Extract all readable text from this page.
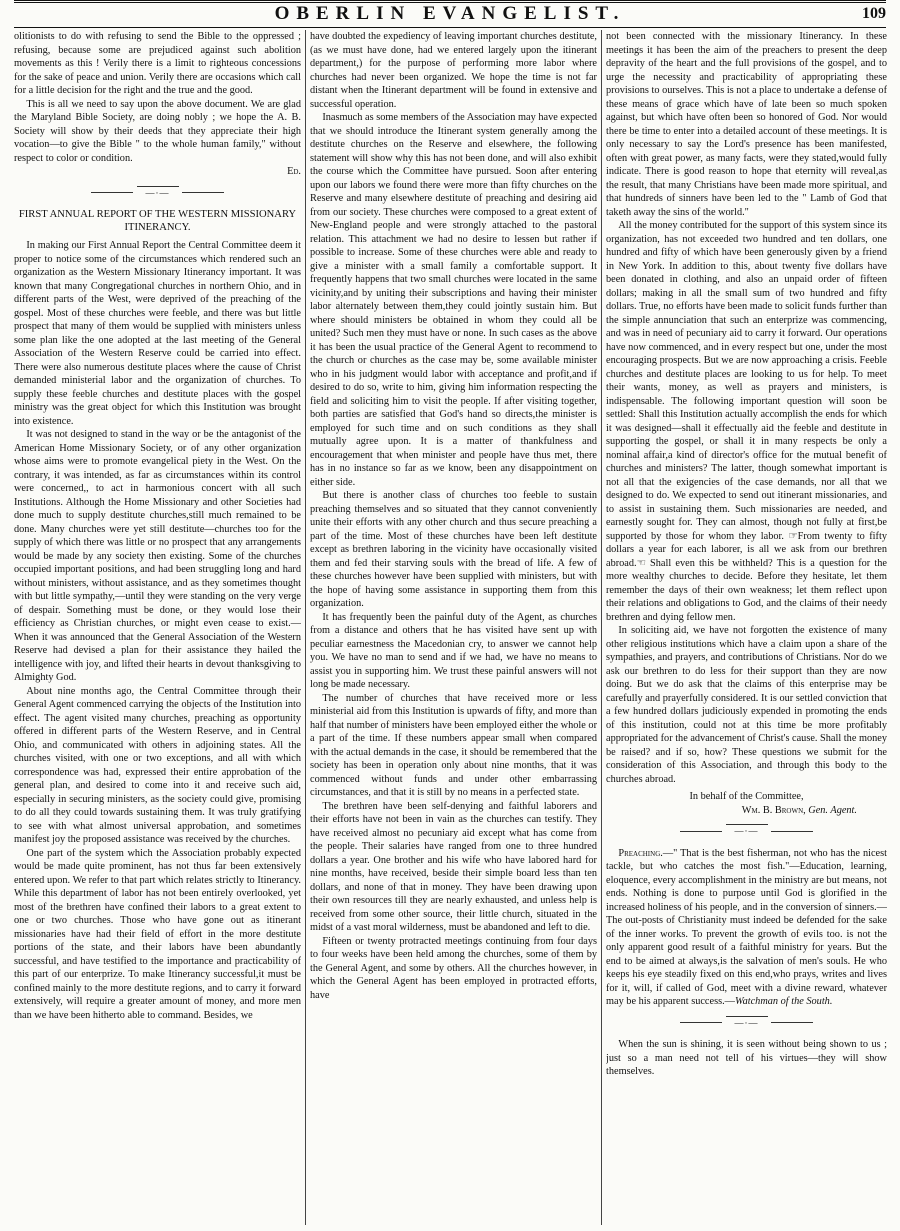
OBERLIN EVANGELIST.	109

olitionists to do with refusing to send the Bible to the oppressed ; refusing, because some are prejudiced against such abolition movements as this ! Verily there is a limit to righteous concessions for the sake of peace and union. Verily there are occasions which call for a little decision for the right and the true and the good.

This is all we need to say upon the above document. We are glad the Maryland Bible Society, are doing nobly ; we hope the A. B. Society will show by their deeds that they appreciate their high vocation—to give the Bible " to the whole human family," without respect to color or condition.

Ed.

—·—
FIRST ANNUAL REPORT OF THE WESTERN MISSIONARY ITINERANCY.

In making our First Annual Report the Central Committee deem it proper to notice some of the circumstances which rendered such an organization as the Western Missionary Itinerancy important. It was known that many Congregational churches in northern Ohio, and in different parts of the West, were deprived of the preaching of the gospel. Most of these churches were feeble, and there was but little prospect that many of them would be supplied with ministers unless some plan like the one adopted at the last meeting of the General Association of the Western Reserve could be carried into effect. There were also numerous destitute places where the cause of Christ demanded ministerial labor and the organization of churches. To supply these feeble churches and destitute places with the gospel ministry was the great object for which this Institution was brought into existence.

It was not designed to stand in the way or be the antagonist of the American Home Missionary Society, or of any other organization whose aims were to promote evangelical piety in the West. On the contrary, it was intended, as far as circumstances within its control were concerned,, to act in harmonious concert with all such Institutions. Although the Home Missionary and other Societies had done much to supply destitute churches,still much remained to be done. Many churches were yet still destitute—churches too for the supply of which there was little or no prospect that any arrangements would be made by any society then existing. Some of the churches occupied important positions, and had been struggling long and hard without ministers, without assistance, and as they sometimes thought with but little sympathy,—until they were standing on the very verge of despair. Something must be done, or they would lose their efficiency as Christian churches, or might even cease to exist.—When it was announced that the General Association of the Western Reserve had devised a plan for their assistance they hailed the intelligence with joy, and lifted their hearts in devout thanksgiving to Almighty God.

About nine months ago, the Central Committee through their General Agent commenced carrying the objects of the Institution into effect. The agent visited many churches, preaching as opportunity offered in different parts of the Western Reserve, and in Central Ohio, and communicated with others in adjoining states. All the churches visited, with one or two exceptions, and all with which correspondence was had, expressed their entire approbation of the general plan, and desired to come into it and receive such aid, especially in securing ministers, as the society could give, promising to do all they could towards sustaining them. It was truly gratifying to see with what almost universal approbation, and sometimes manifest joy the proposed assistance was received by the churches.

One part of the system which the Association probably expected would be made quite prominent, has not thus far been extensively entered upon. We refer to that part which relates strictly to Itinerancy. While this department of labor has not been entirely overlooked, yet most of the brethren have confined their labors to a great extent to one or two churches. Those who have gone out as itinerant missionaries have had their field of effort in the more destitute portions of the state, and their labors have been abundantly successful, and have testified to the importance and practicability of this part of our enterprize. To make Itinerancy successful,it must be confined mainly to the more destitute regions, and to carry it forward extensively, will require a greater amount of money, and more men than we have been hitherto able to command. Besides, we

have doubted the expediency of leaving important churches destitute, (as we must have done, had we entered largely upon the itinerant department,) for the purpose of performing more labor where churches had never been organized. We hope the time is not far distant when the Itinerant department will be found in extensive and successful operation.

Inasmuch as some members of the Association may have expected that we should introduce the Itinerant system generally among the destitute churches on the Reserve and elsewhere, the following statement will show why this has not been done, and will also exhibit the course which the Committee have pursued. Soon after entering upon our labors we found there were more than fifty churches on the Reserve and many elsewhere destitute of preaching and desiring aid from our society. These churches were composed to a great extent of New-England people and were strongly attached to the pastoral relation. This attachment we had no desire to lessen but rather if possible to increase. Some of these churches were able and ready to give a minister with a small family a comfortable support. It frequently happens that two small churches were located in the same vicinity,and by uniting their subscriptions and having their minister labor alternately between them,they could jointly sustain him. But where should ministers be obtained in whom they could all be united? Such men they must have or none. In such cases as the above it has been the usual practice of the General Agent to recommend to the church or churches as the case may be, some available minister who in his judgment would labor with acceptance and profit,and if desired to do so, write to him, giving him information respecting the field and soliciting him to visit the people. If after visiting together, both parties are satisfied that God's hand so directs,the minister is employed for such time and on such conditions as they shall mutually agree upon. It is a matter of thankfulness and encouragement that when minister and people have thus met, there has in no instance so far as we know, been any disappointment on either side.

But there is another class of churches too feeble to sustain preaching themselves and so situated that they cannot conveniently unite their efforts with any other church and thus secure preaching a part of the time. Most of these churches have been left destitute except as brethren laboring in the vicinity have occasionally visited them and fed their starving souls with the bread of life. A few of these churches however have been supplied with ministers, but with the hope of having some assistance in supporting them from this organization.

It has frequently been the painful duty of the Agent, as churches from a distance and others that he has visited have sent up with peculiar earnestness the Macedonian cry, to answer we cannot help you. We have no man to send and if we had, we have no means to assist you in supporting him. We trust these painful answers will not long be made necessary.

The number of churches that have received more or less ministerial aid from this Institution is upwards of fifty, and more than half that number of ministers have been employed either the whole or a part of the time. If these numbers appear small when compared with the actual demands in the case, it should be remembered that the society has been in operation only about nine months, that it was commenced without funds and under other embarrassing circumstances, and that it is still by no means in a perfected state.

The brethren have been self-denying and faithful laborers and their efforts have not been in vain as the churches can testify. They have received almost no pecuniary aid except what has come from the people. Their salaries have ranged from one to three hundred dollars a year. One brother and his wife who have labored hard for nine months, have received, beside their simple board less than ten dollars, and none of that in money. They have been drawing upon their own resources till they are nearly exhausted, and unless help is received from some other source, their little church, situated in the midst of a vast moral wilderness, must be abandoned and left to die.

Fifteen or twenty protracted meetings continuing from four days to four weeks have been held among the churches, some of them by the General Agent, and some by others. All the churches however, in which the General Agent has been employed in protracted efforts, have

not been connected with the missionary Itinerancy. In these meetings it has been the aim of the preachers to present the deep depravity of the heart and the full provisions of the gospel, and to urge the necessity and practicability of appropriating these provisions to ourselves. This is not a place to undertake a defense of these means of grace which have of late been so much spoken against, but which have often been so honored of God. Nor would there be time to enter into a detailed account of these meetings. It is only necessary to say the Lord's presence has been manifested, often with great power, as many facts, were they stated,would fully indicate. There is good reason to hope that eternity will reveal,as the result, that many Christians have been made more spiritual, and that hundreds of sinners have been led to the " Lamb of God that taketh away the sins of the world."

All the money contributed for the support of this system since its organization, has not exceeded two hundred and ten dollars, one hundred and fifty of which have been generously given by a friend in New York. In addition to this, about twenty five dollars have been donated in clothing, and also an unpaid order of fifteen dollars; making in all the small sum of two hundred and fifty dollars. True, no efforts have been made to solicit funds further than the simple annunciation that such an enterprize was commencing, and was in need of pecuniary aid to carry it forward. Our operations have now commenced, and in every respect but one, under the most encouraging prospects. But we are now approaching a crisis. Feeble churches and destitute places are looking to us for help. To meet their wants, money, as well as prayers and ministers, is indispensable. The following important question will soon be settled: Shall this Institution actually accomplish the ends for which it was designed—shall it effectually aid the feeble and destitute in supporting the gospel, or shall it in many respects be only a nominal affair,a kind of director's office for the mutual benefit of churches and ministers? The latter, though somewhat important is not all that the exigencies of the case demands, nor all that we designed to do. We expected to send out itinerant missionaries, and to assist in sustaining them. Such missionaries are needed, and earnestly sought for. They can almost, though not fully at first,be supported by those for whom they labor. ☞From twenty to fifty dollars a year for each laborer, is all we ask from our brethren abroad.☜ Shall even this be withheld? This is a question for the more wealthy churches to decide. Before they hesitate, let them remember the days of their own weakness; let them reflect upon their relations and obligations to God, and the claims of their needy brethren and dying fellow men.

In soliciting aid, we have not forgotten the existence of many other religious institutions which have a claim upon a share of the sympathies, and prayers, and contributions of Christians. Nor do we ask our brethren to do less for their support than they are now doing. But we do ask that the claims of this enterprise may be carefully and prayerfully considered. It is our settled conviction that a few hundred dollars judiciously expended in promoting the ends of this institution, could not at this time be more profitably appropriated for the advancement of Christ's cause. Shall the money be raised? and if so, how? These questions we submit for the consideration of this Association, and through this body to the churches abroad.

In behalf of the Committee,
Wm. B. Brown, Gen. Agent.
—·—

Preaching.—" That is the best fisherman, not who has the nicest tackle, but who catches the most fish."—Education, learning, eloquence, every accomplishment in the ministry are but means, not ends. Nothing is done to purpose until God is glorified in the increased holiness of his people, and in the conversion of sinners.—The out-posts of Christianity must indeed be defended for the sake of the inner works. To prevent the growth of evils too. is not the only apparent good result of a faithful ministry for years. But the end to be aimed at always,is the salvation of men's souls. He who keeps his eye steadily fixed on this end,who prays, writes and lives for it, will, if called of God, meet with a divine reward, whatever may be his apparent success.—Watchman of the South.

—·—

When the sun is shining, it is seen without being shown to us ; just so a man need not tell of his virtues—they will show themselves.
